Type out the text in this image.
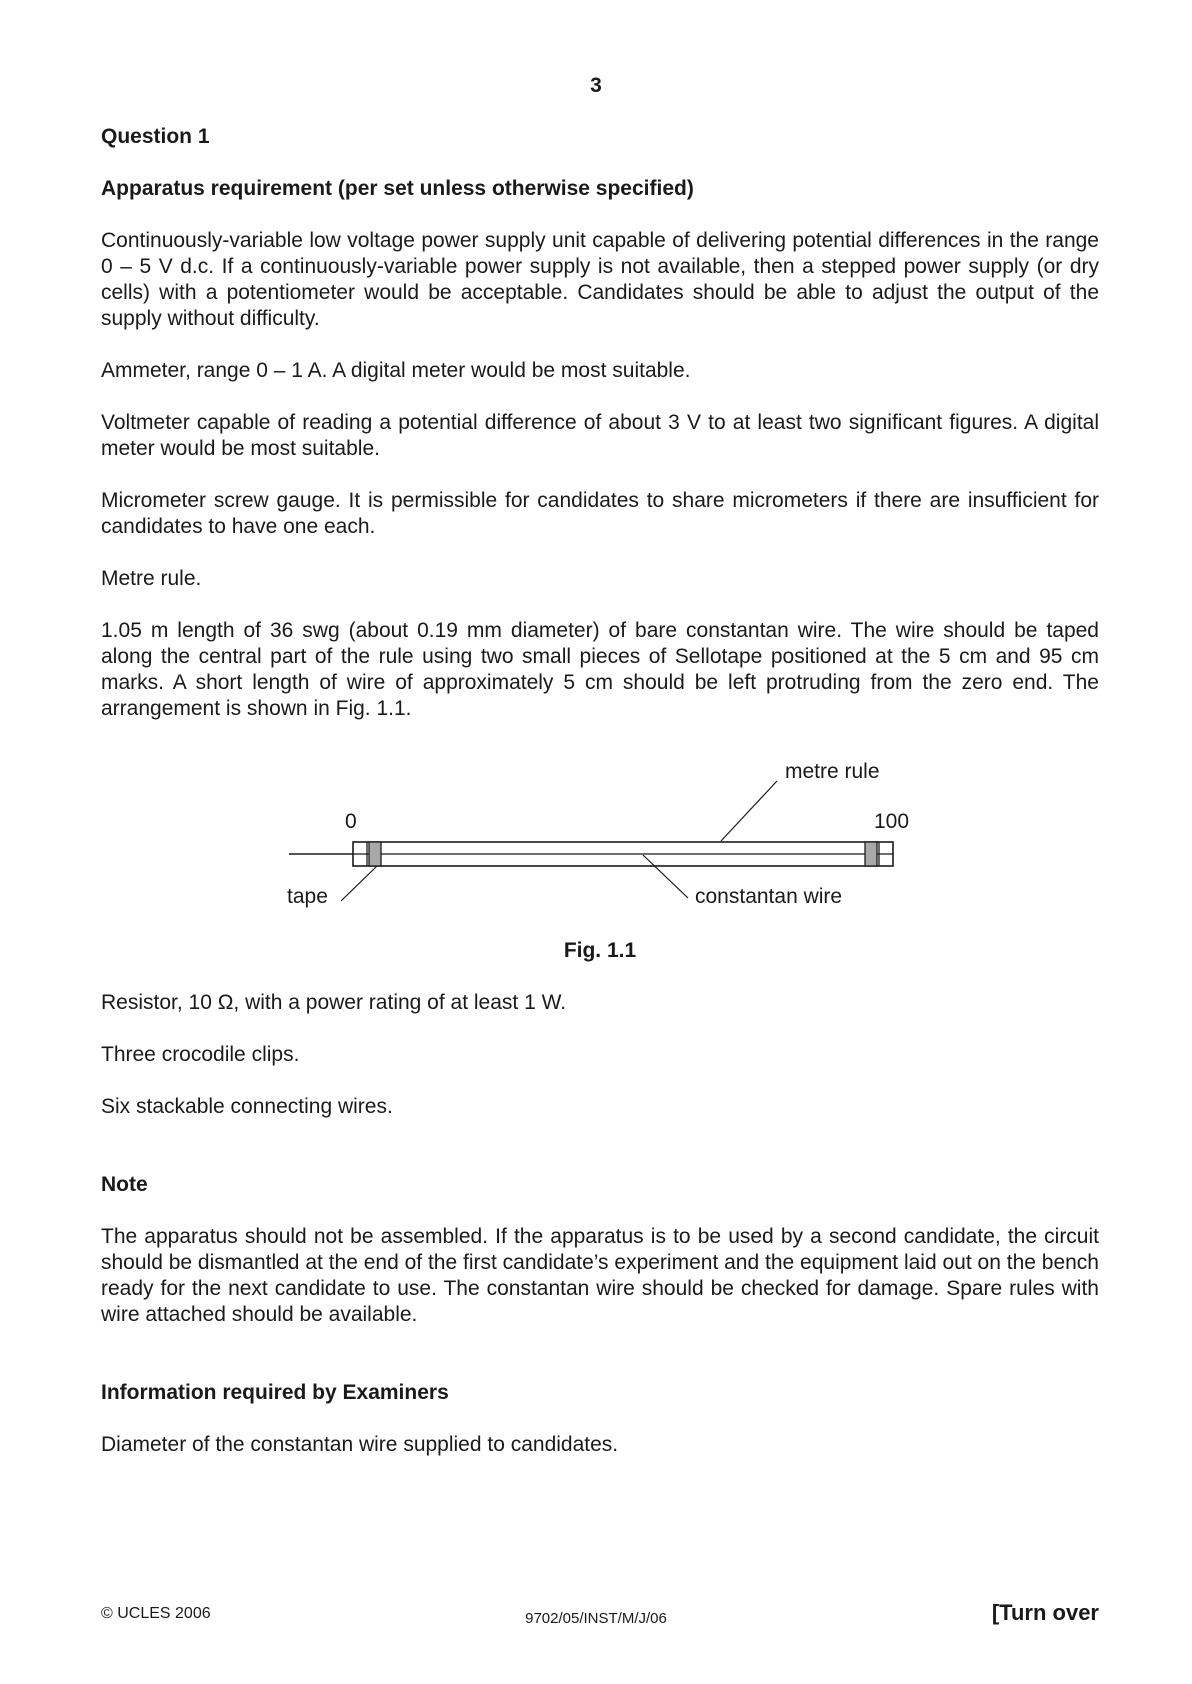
3

Question 1

Apparatus requirement (per set unless otherwise specified)

Continuously-variable low voltage power supply unit capable of delivering potential differences in the range 0 – 5 V d.c. If a continuously-variable power supply is not available, then a stepped power supply (or dry cells) with a potentiometer would be acceptable. Candidates should be able to adjust the output of the supply without difficulty.

Ammeter, range 0 – 1 A. A digital meter would be most suitable.

Voltmeter capable of reading a potential difference of about 3 V to at least two significant figures. A digital meter would be most suitable.

Micrometer screw gauge. It is permissible for candidates to share micrometers if there are insufficient for candidates to have one each.

Metre rule.

1.05 m length of 36 swg (about 0.19 mm diameter) of bare constantan wire. The wire should be taped along the central part of the rule using two small pieces of Sellotape positioned at the 5 cm and 95 cm marks. A short length of wire of approximately 5 cm should be left protruding from the zero end. The arrangement is shown in Fig. 1.1.

metre rule
0	100
tape	constantan wire

Fig. 1.1

Resistor, 10 Ω, with a power rating of at least 1 W.

Three crocodile clips.

Six stackable connecting wires.

Note

The apparatus should not be assembled. If the apparatus is to be used by a second candidate, the circuit should be dismantled at the end of the first candidate’s experiment and the equipment laid out on the bench ready for the next candidate to use. The constantan wire should be checked for damage. Spare rules with wire attached should be available.

Information required by Examiners

Diameter of the constantan wire supplied to candidates.

© UCLES 2006	9702/05/INST/M/J/06	[Turn over
